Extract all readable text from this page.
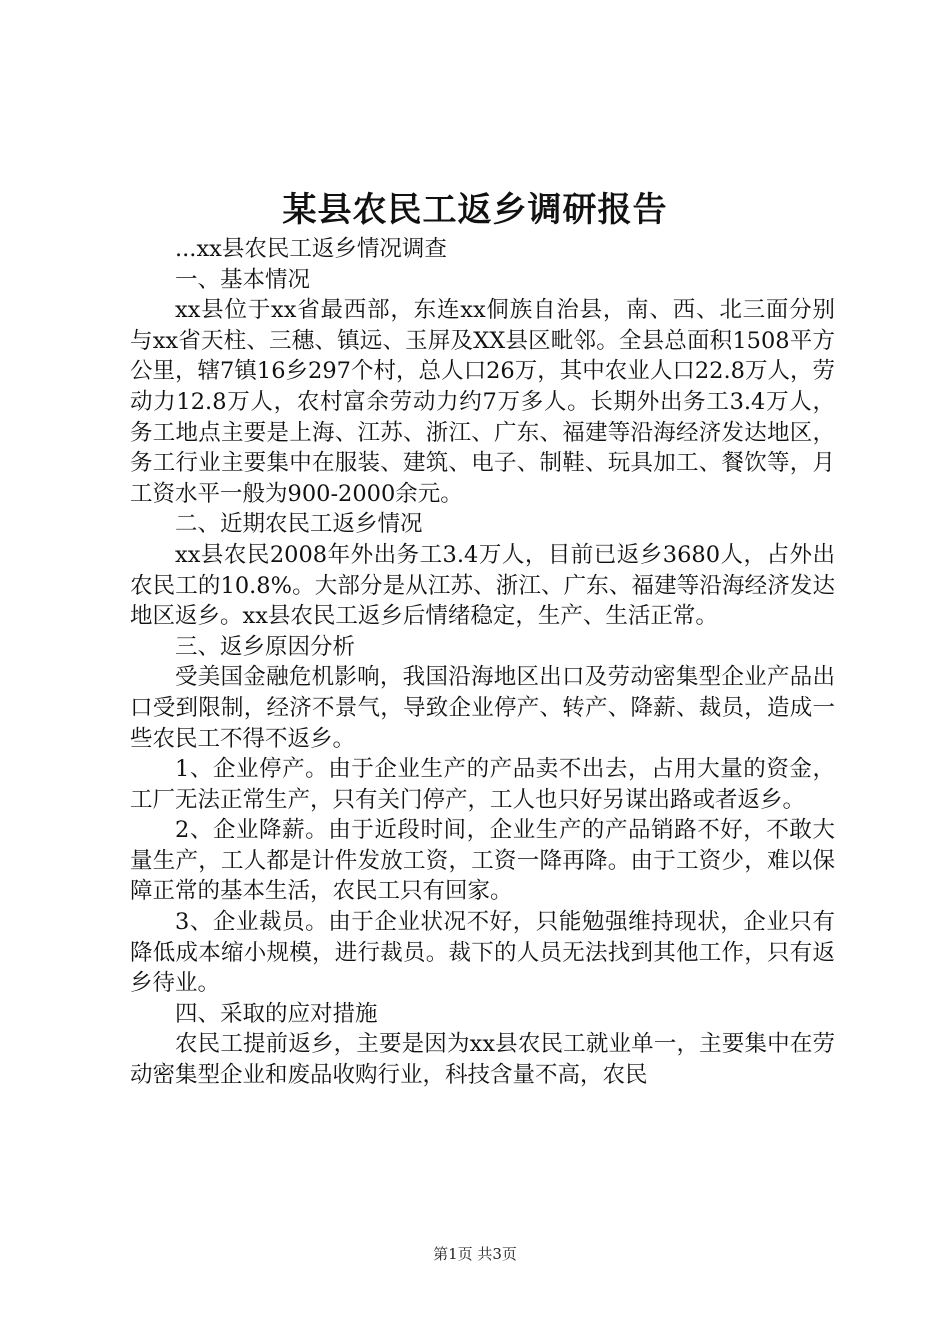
某县农民工返乡调研报告

...xx县农民工返乡情况调查

一、基本情况

xx县位于xx省最西部，东连xx侗族自治县，南、西、北三面分别与xx省天柱、三穗、镇远、玉屏及XX县区毗邻。全县总面积1508平方公里，辖7镇16乡297个村，总人口26万，其中农业人口22.8万人，劳动力12.8万人，农村富余劳动力约7万多人。长期外出务工3.4万人，务工地点主要是上海、江苏、浙江、广东、福建等沿海经济发达地区，务工行业主要集中在服装、建筑、电子、制鞋、玩具加工、餐饮等，月工资水平一般为900-2000余元。

二、近期农民工返乡情况

xx县农民2008年外出务工3.4万人，目前已返乡3680人，占外出农民工的10.8%。大部分是从江苏、浙江、广东、福建等沿海经济发达地区返乡。xx县农民工返乡后情绪稳定，生产、生活正常。

三、返乡原因分析

受美国金融危机影响，我国沿海地区出口及劳动密集型企业产品出口受到限制，经济不景气，导致企业停产、转产、降薪、裁员，造成一些农民工不得不返乡。

1、企业停产。由于企业生产的产品卖不出去，占用大量的资金，工厂无法正常生产，只有关门停产，工人也只好另谋出路或者返乡。

2、企业降薪。由于近段时间，企业生产的产品销路不好，不敢大量生产，工人都是计件发放工资，工资一降再降。由于工资少，难以保障正常的基本生活，农民工只有回家。

3、企业裁员。由于企业状况不好，只能勉强维持现状，企业只有降低成本缩小规模，进行裁员。裁下的人员无法找到其他工作，只有返乡待业。

四、采取的应对措施

农民工提前返乡，主要是因为xx县农民工就业单一，主要集中在劳动密集型企业和废品收购行业，科技含量不高，农民

第1页 共3页
